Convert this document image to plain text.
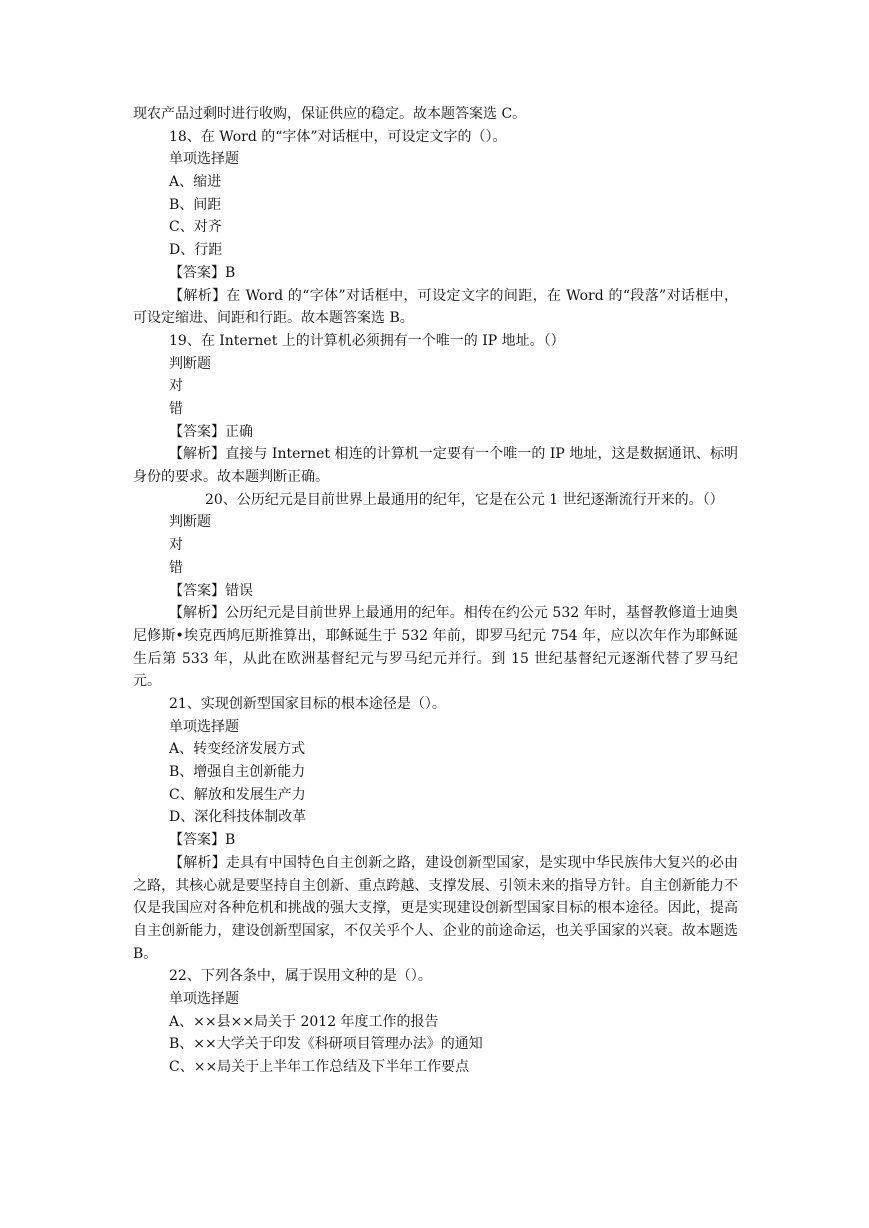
现农产品过剩时进行收购，保证供应的稳定。故本题答案选 C。
18、在 Word 的“字体”对话框中，可设定文字的（）。
单项选择题
A、缩进
B、间距
C、对齐
D、行距
【答案】B
【解析】在 Word 的“字体”对话框中，可设定文字的间距，在 Word 的“段落”对话框中，可设定缩进、间距和行距。故本题答案选 B。
19、在 Internet 上的计算机必须拥有一个唯一的 IP 地址。（）
判断题
对
错
【答案】正确
【解析】直接与 Internet 相连的计算机一定要有一个唯一的 IP 地址，这是数据通讯、标明身份的要求。故本题判断正确。
20、公历纪元是目前世界上最通用的纪年，它是在公元 1 世纪逐渐流行开来的。（）
判断题
对
错
【答案】错误
【解析】公历纪元是目前世界上最通用的纪年。相传在约公元 532 年时，基督教修道士迪奥尼修斯•埃克西鸠厄斯推算出，耶稣诞生于 532 年前，即罗马纪元 754 年，应以次年作为耶稣诞生后第 533 年，从此在欧洲基督纪元与罗马纪元并行。到 15 世纪基督纪元逐渐代替了罗马纪元。
21、实现创新型国家目标的根本途径是（）。
单项选择题
A、转变经济发展方式
B、增强自主创新能力
C、解放和发展生产力
D、深化科技体制改革
【答案】B
【解析】走具有中国特色自主创新之路，建设创新型国家，是实现中华民族伟大复兴的必由之路，其核心就是要坚持自主创新、重点跨越、支撑发展、引领未来的指导方针。自主创新能力不仅是我国应对各种危机和挑战的强大支撑，更是实现建设创新型国家目标的根本途径。因此，提高自主创新能力，建设创新型国家，不仅关乎个人、企业的前途命运，也关乎国家的兴衰。故本题选 B。
22、下列各条中，属于误用文种的是（）。
单项选择题
A、××县××局关于 2012 年度工作的报告
B、××大学关于印发《科研项目管理办法》的通知
C、××局关于上半年工作总结及下半年工作要点
